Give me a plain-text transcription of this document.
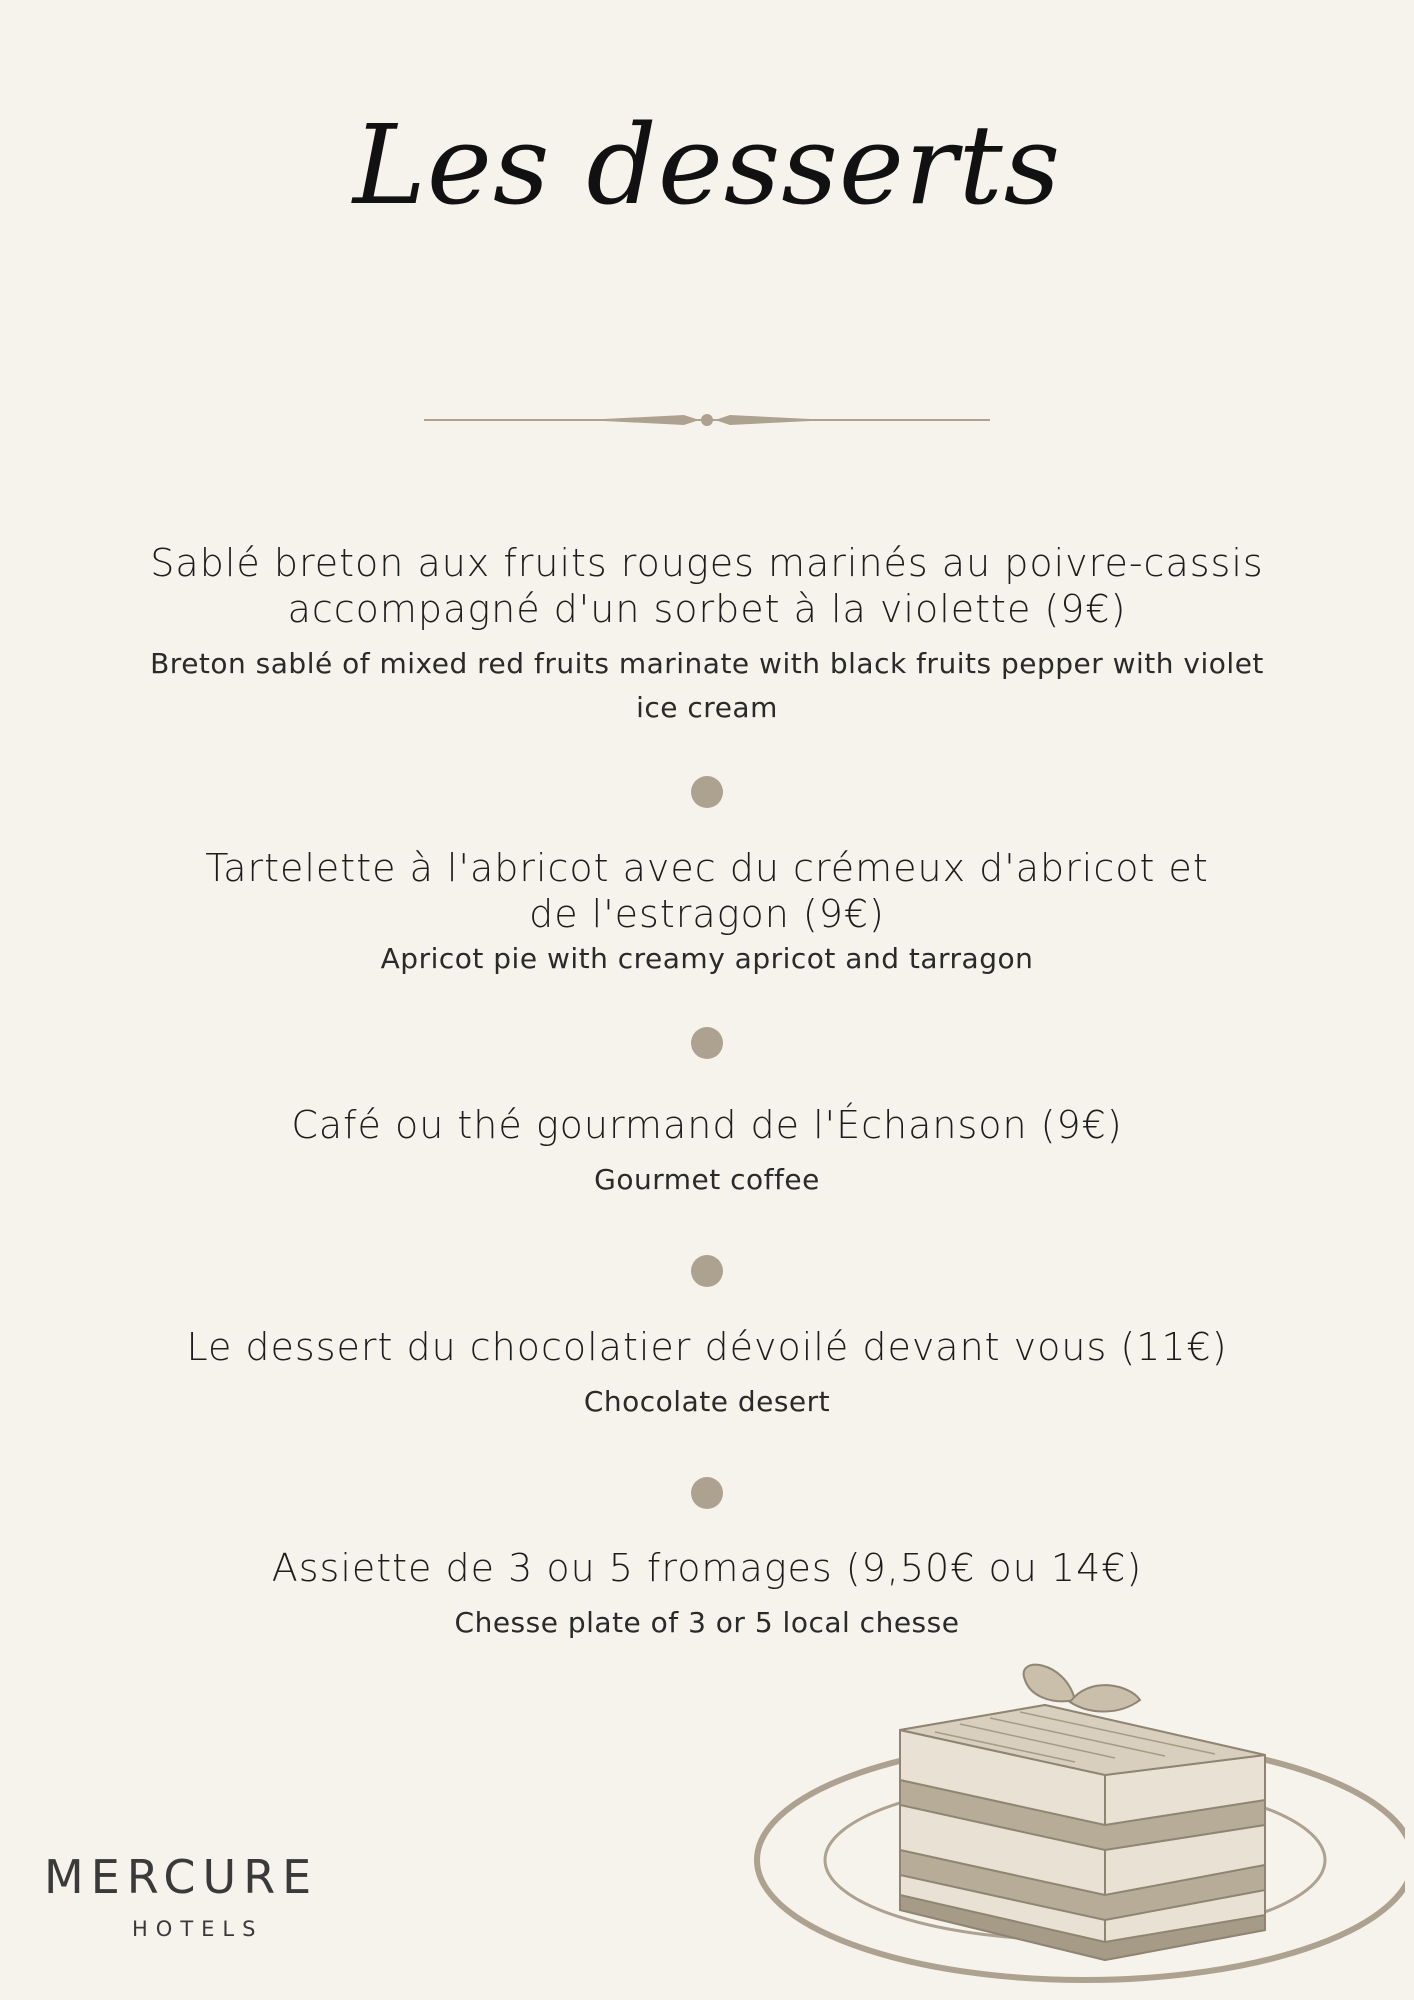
Les desserts
Sablé breton aux fruits rouges marinés au poivre-cassis
accompagné d'un sorbet à la violette (9€)
Breton sablé of mixed red fruits marinate with black fruits pepper with violet
ice cream
Tartelette à l'abricot avec du crémeux d'abricot et
de l'estragon (9€)
Apricot pie with creamy apricot and tarragon
Café ou thé gourmand de l'Échanson (9€)
Gourmet coffee
Le dessert du chocolatier dévoilé devant vous (11€)
Chocolate desert
Assiette de 3 ou 5 fromages (9,50€ ou 14€)
Chesse plate of 3 or 5 local chesse
MERCURE
HOTELS
